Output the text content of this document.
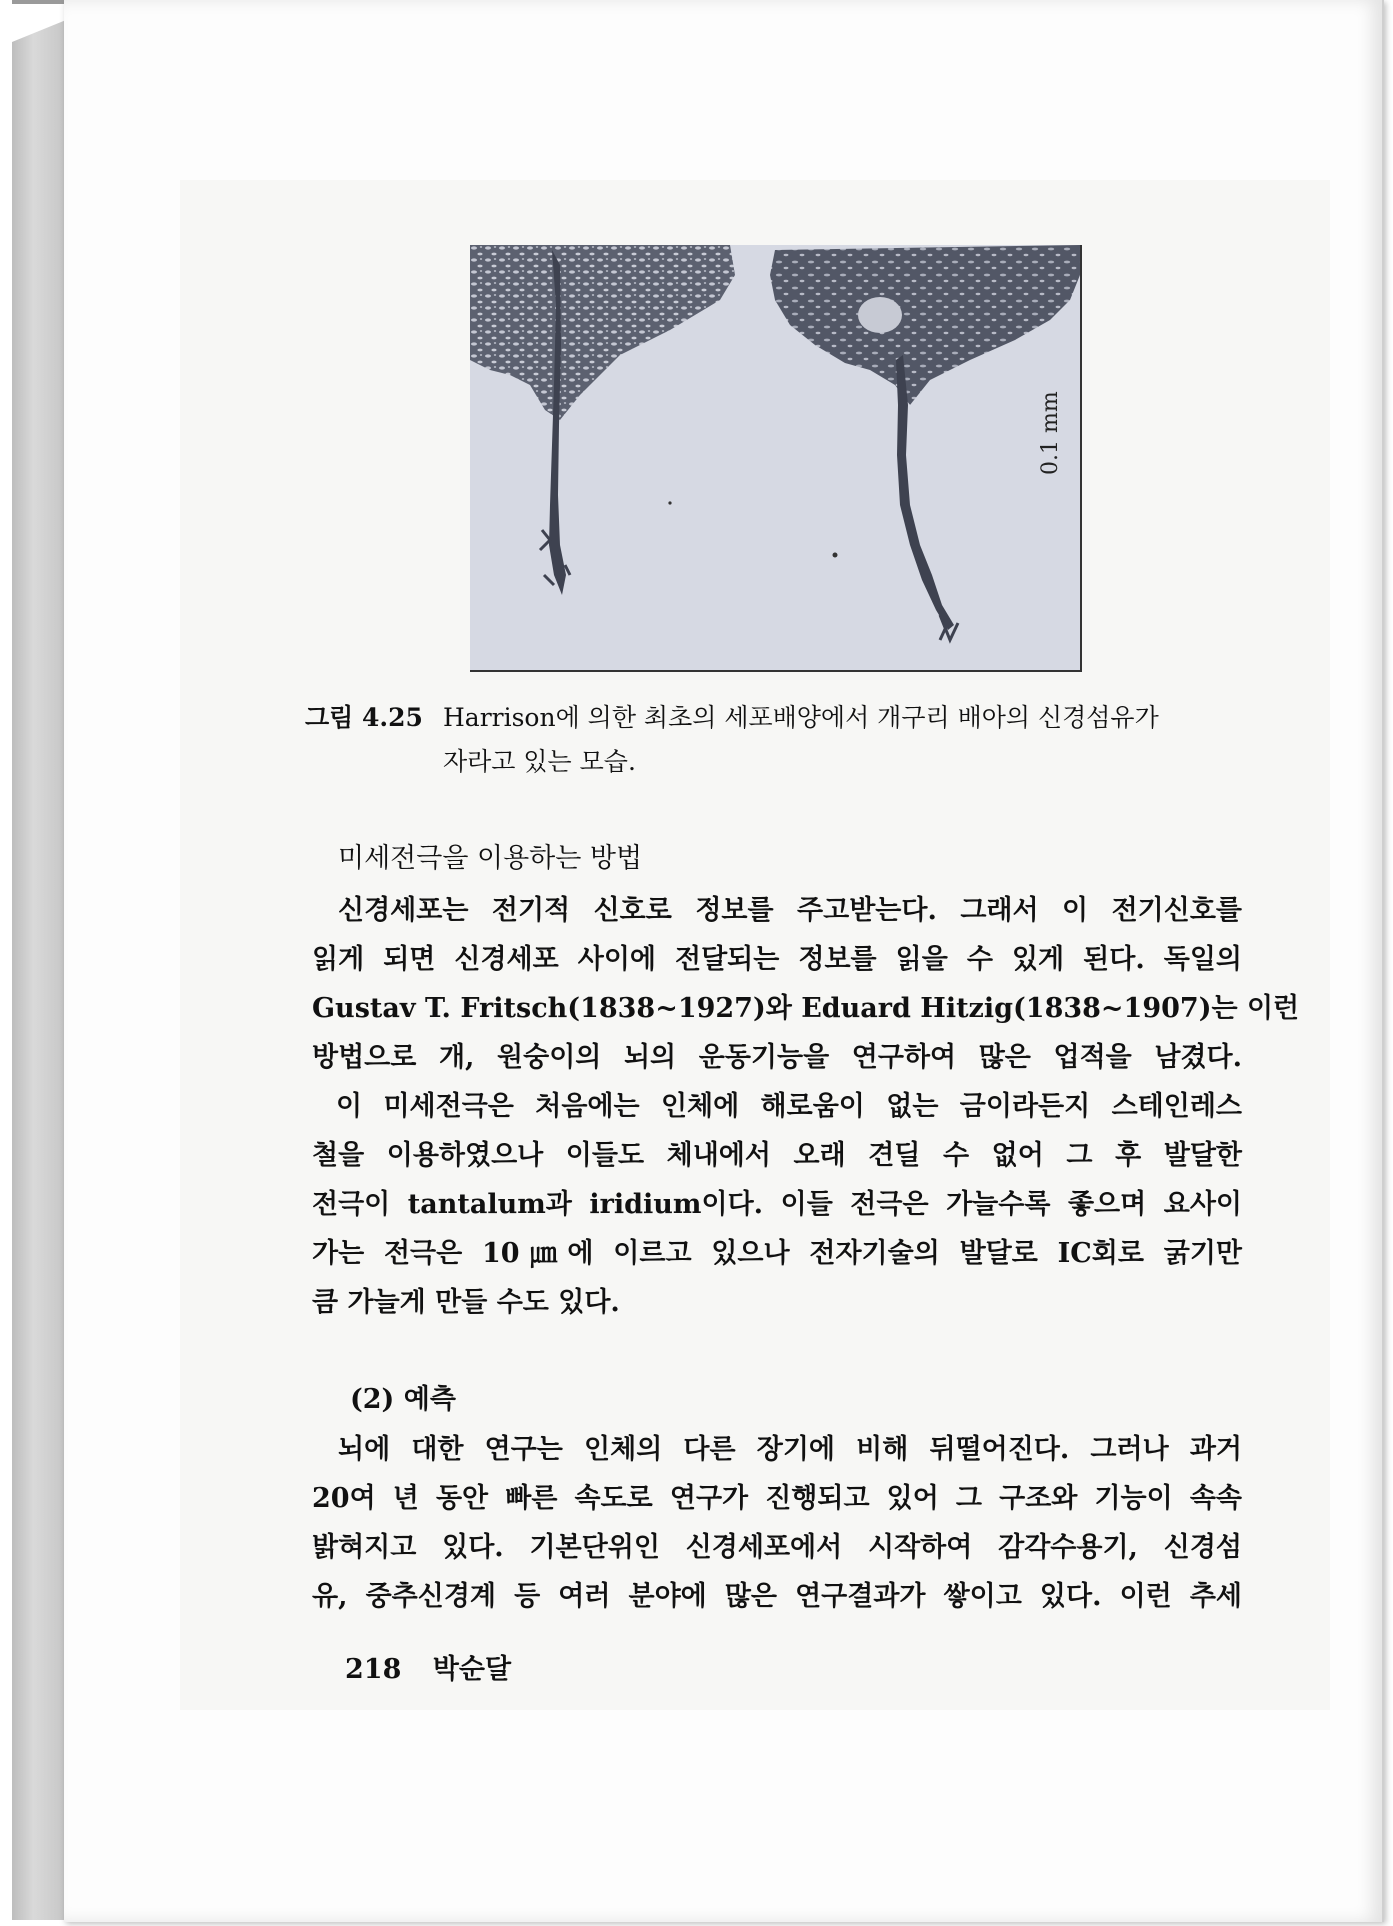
0.1 mm
그림 4.25 Harrison에 의한 최초의 세포배양에서 개구리 배아의 신경섬유가
자라고 있는 모습.
미세전극을 이용하는 방법
신경세포는 전기적 신호로 정보를 주고받는다. 그래서 이 전기신호를
읽게 되면 신경세포 사이에 전달되는 정보를 읽을 수 있게 된다. 독일의
Gustav T. Fritsch(1838~1927)와 Eduard Hitzig(1838~1907)는 이런
방법으로 개, 원숭이의 뇌의 운동기능을 연구하여 많은 업적을 남겼다.
이 미세전극은 처음에는 인체에 해로움이 없는 금이라든지 스테인레스
철을 이용하였으나 이들도 체내에서 오래 견딜 수 없어 그 후 발달한
전극이 tantalum과 iridium이다. 이들 전극은 가늘수록 좋으며 요사이
가는 전극은 10㎛에 이르고 있으나 전자기술의 발달로 IC회로 굵기만
큼 가늘게 만들 수도 있다.
(2) 예측
뇌에 대한 연구는 인체의 다른 장기에 비해 뒤떨어진다. 그러나 과거
20여 년 동안 빠른 속도로 연구가 진행되고 있어 그 구조와 기능이 속속
밝혀지고 있다. 기본단위인 신경세포에서 시작하여 감각수용기, 신경섬
유, 중추신경계 등 여러 분야에 많은 연구결과가 쌓이고 있다. 이런 추세
218 박순달
